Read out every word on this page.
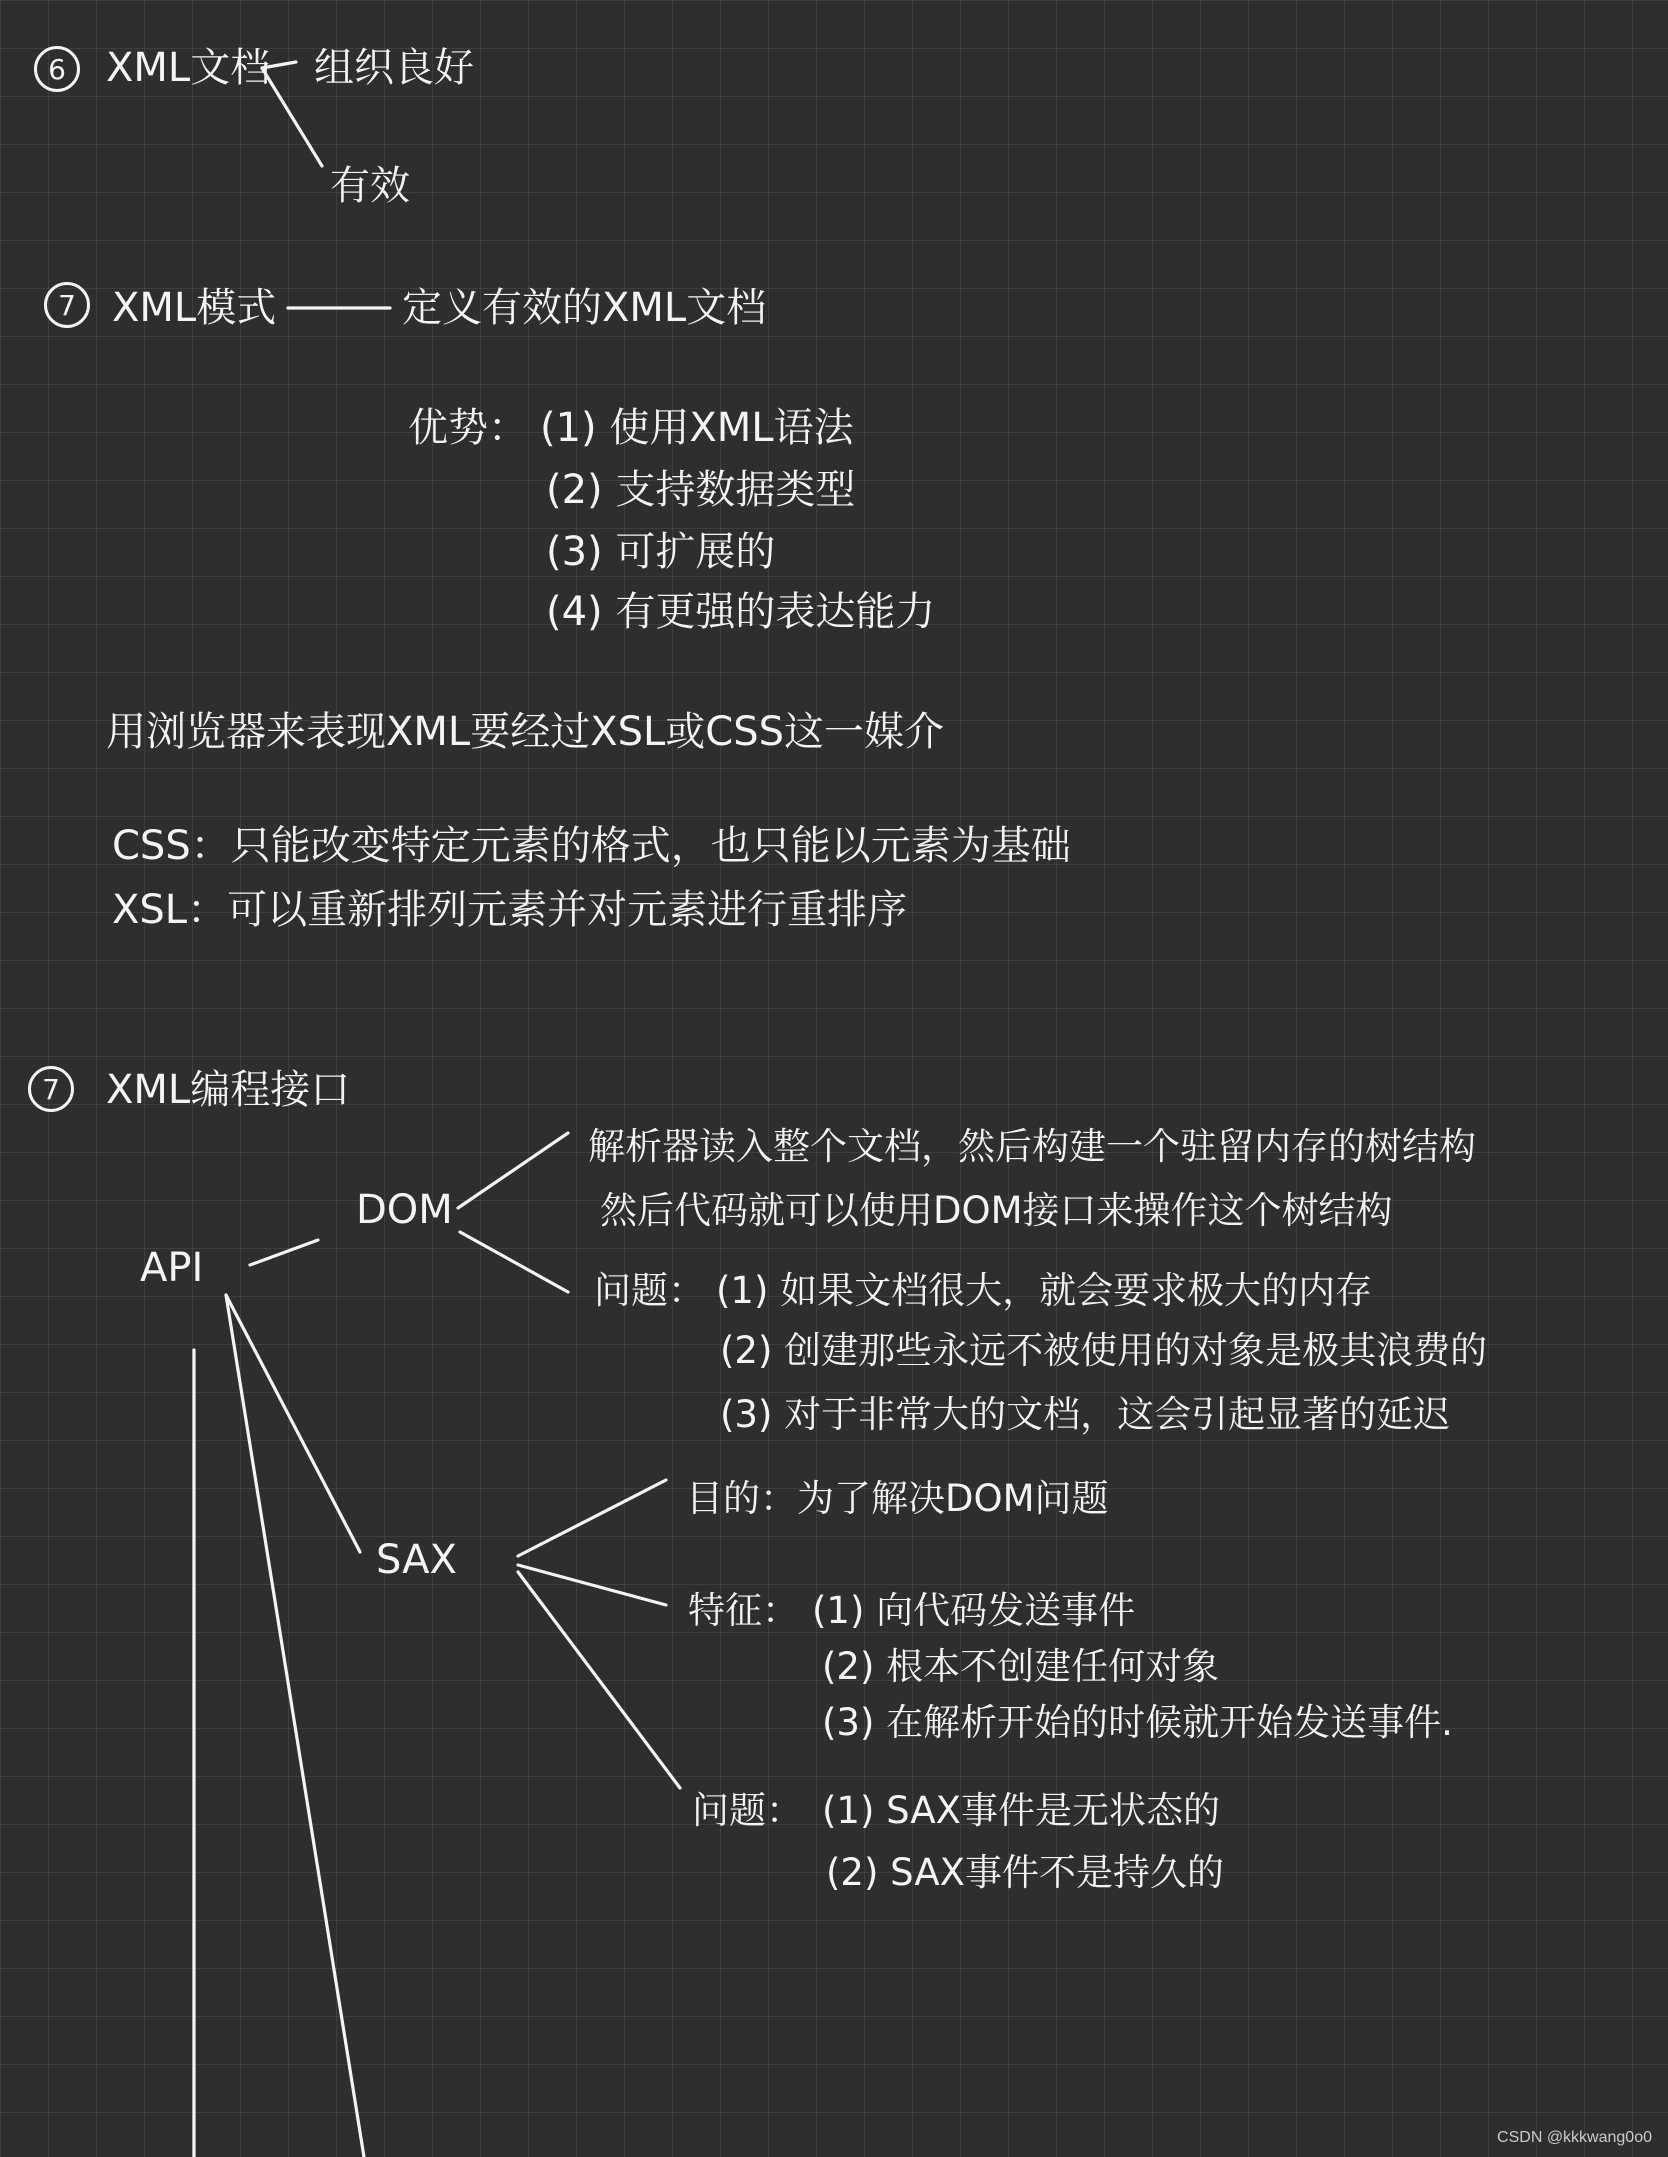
6	XML文档 组织良好
有效
7 XML模式	定义有效的XML文档
优势： (1) 使用XML语法
(2) 支持数据类型
(3) 可扩展的
(4) 有更强的表达能力
用浏览器来表现XML要经过XSL或CSS这一媒介
CSS：只能改变特定元素的格式，也只能以元素为基础
XSL：可以重新排列元素并对元素进行重排序
7	XML编程接口
API
DOM
解析器读入整个文档，然后构建一个驻留内存的树结构
然后代码就可以使用DOM接口来操作这个树结构
问题： (1) 如果文档很大，就会要求极大的内存
(2) 创建那些永远不被使用的对象是极其浪费的
(3) 对于非常大的文档，这会引起显著的延迟
SAX
目的：为了解决DOM问题
特征： (1) 向代码发送事件
(2) 根本不创建任何对象
(3) 在解析开始的时候就开始发送事件.
问题： (1) SAX事件是无状态的
(2) SAX事件不是持久的
CSDN @kkkwang0o0
